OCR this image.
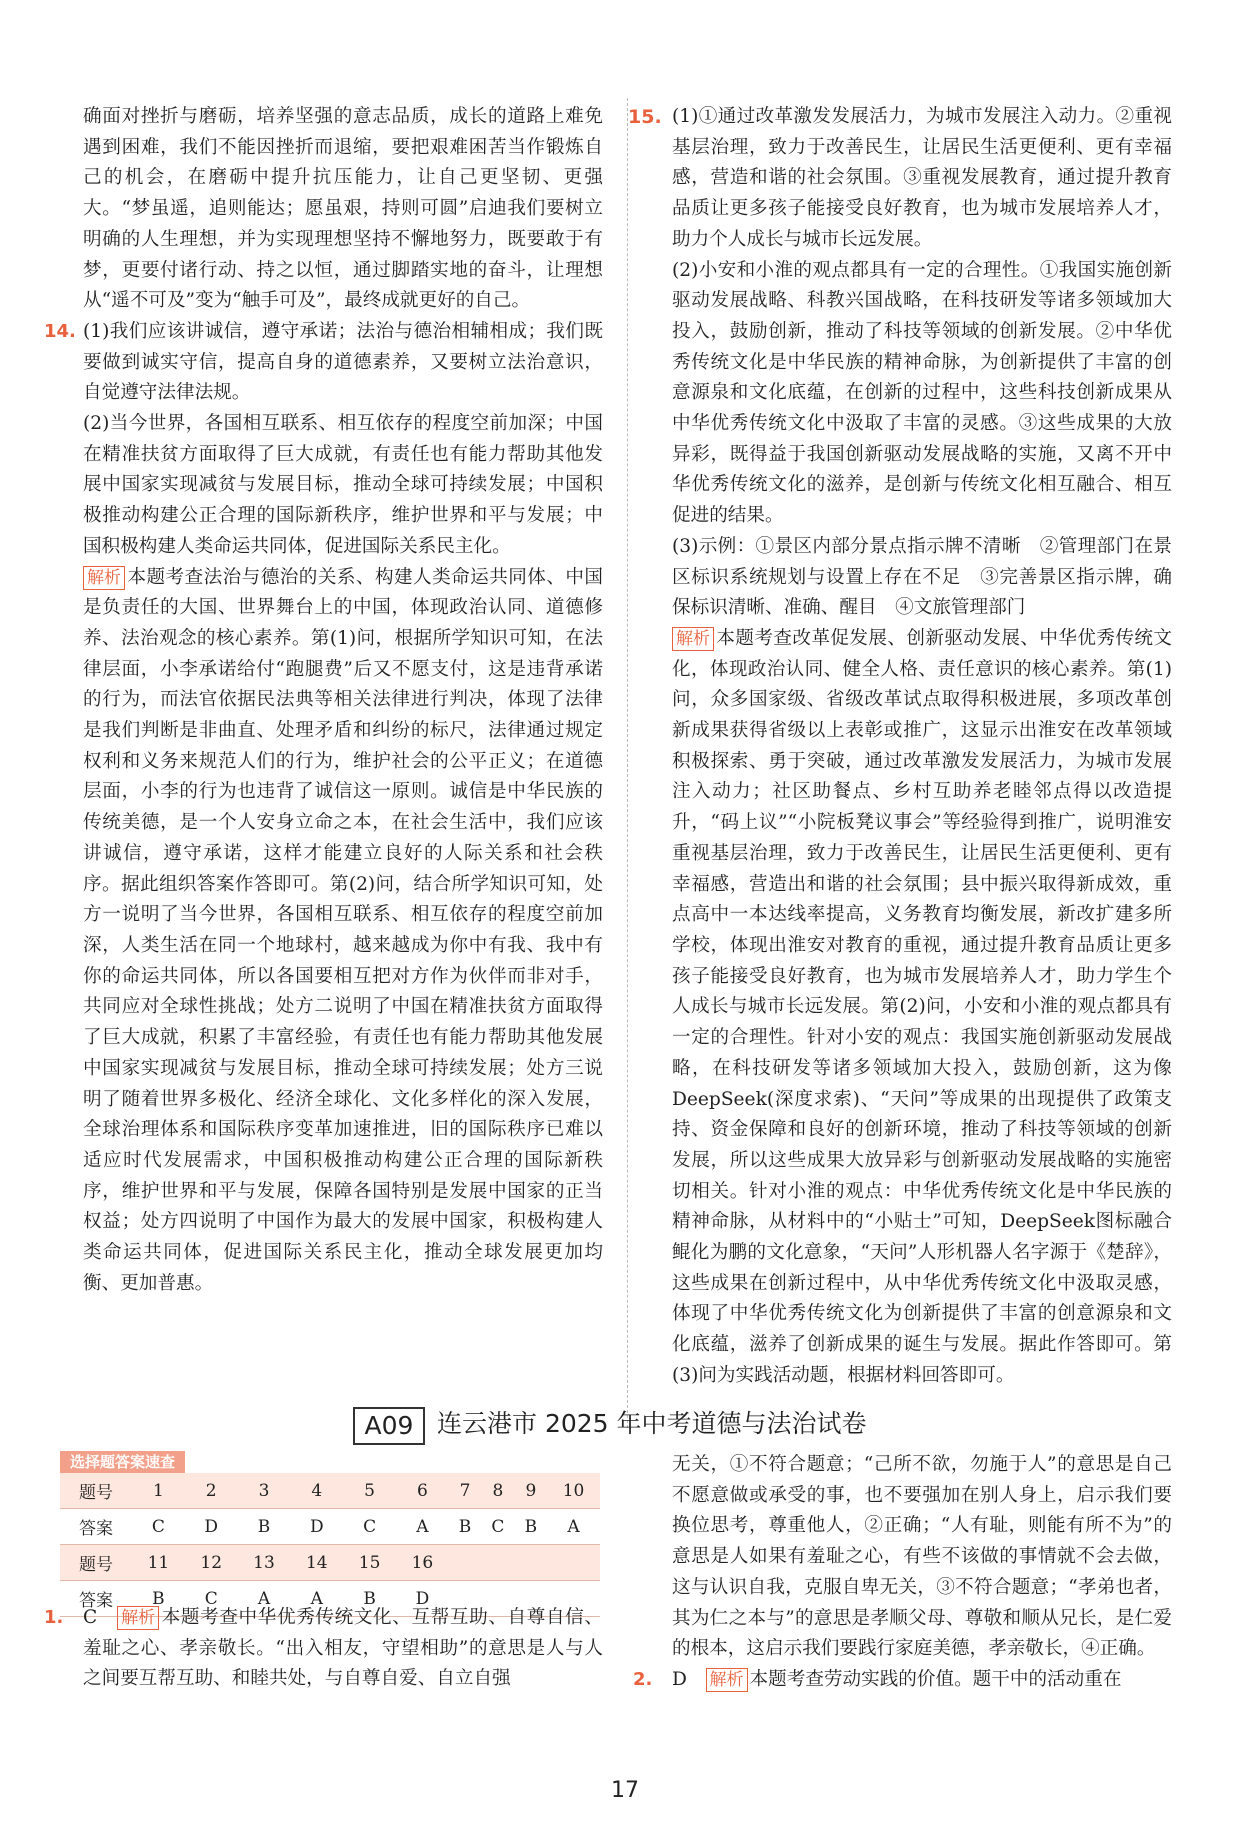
确面对挫折与磨砺，培养坚强的意志品质，成长的道路上难免遇到困难，我们不能因挫折而退缩，要把艰难困苦当作锻炼自己的机会，在磨砺中提升抗压能力，让自己更坚韧、更强大。“梦虽遥，追则能达；愿虽艰，持则可圆”启迪我们要树立明确的人生理想，并为实现理想坚持不懈地努力，既要敢于有梦，更要付诸行动、持之以恒，通过脚踏实地的奋斗，让理想从“遥不可及”变为“触手可及”，最终成就更好的自己。

14. (1)我们应该讲诚信，遵守承诺；法治与德治相辅相成；我们既要做到诚实守信，提高自身的道德素养，又要树立法治意识，自觉遵守法律法规。

(2)当今世界，各国相互联系、相互依存的程度空前加深；中国在精准扶贫方面取得了巨大成就，有责任也有能力帮助其他发展中国家实现减贫与发展目标，推动全球可持续发展；中国积极推动构建公正合理的国际新秩序，维护世界和平与发展；中国积极构建人类命运共同体，促进国际关系民主化。

解析 本题考查法治与德治的关系、构建人类命运共同体、中国是负责任的大国、世界舞台上的中国，体现政治认同、道德修养、法治观念的核心素养。第(1)问，根据所学知识可知，在法律层面，小李承诺给付“跑腿费”后又不愿支付，这是违背承诺的行为，而法官依据民法典等相关法律进行判决，体现了法律是我们判断是非曲直、处理矛盾和纠纷的标尺，法律通过规定权利和义务来规范人们的行为，维护社会的公平正义；在道德层面，小李的行为也违背了诚信这一原则。诚信是中华民族的传统美德，是一个人安身立命之本，在社会生活中，我们应该讲诚信，遵守承诺，这样才能建立良好的人际关系和社会秩序。据此组织答案作答即可。第(2)问，结合所学知识可知，处方一说明了当今世界，各国相互联系、相互依存的程度空前加深，人类生活在同一个地球村，越来越成为你中有我、我中有你的命运共同体，所以各国要相互把对方作为伙伴而非对手，共同应对全球性挑战；处方二说明了中国在精准扶贫方面取得了巨大成就，积累了丰富经验，有责任也有能力帮助其他发展中国家实现减贫与发展目标，推动全球可持续发展；处方三说明了随着世界多极化、经济全球化、文化多样化的深入发展，全球治理体系和国际秩序变革加速推进，旧的国际秩序已难以适应时代发展需求，中国积极推动构建公正合理的国际新秩序，维护世界和平与发展，保障各国特别是发展中国家的正当权益；处方四说明了中国作为最大的发展中国家，积极构建人类命运共同体，促进国际关系民主化，推动全球发展更加均衡、更加普惠。

15. (1)①通过改革激发发展活力，为城市发展注入动力。②重视基层治理，致力于改善民生，让居民生活更便利、更有幸福感，营造和谐的社会氛围。③重视发展教育，通过提升教育品质让更多孩子能接受良好教育，也为城市发展培养人才，助力个人成长与城市长远发展。

(2)小安和小淮的观点都具有一定的合理性。①我国实施创新驱动发展战略、科教兴国战略，在科技研发等诸多领域加大投入，鼓励创新，推动了科技等领域的创新发展。②中华优秀传统文化是中华民族的精神命脉，为创新提供了丰富的创意源泉和文化底蕴，在创新的过程中，这些科技创新成果从中华优秀传统文化中汲取了丰富的灵感。③这些成果的大放异彩，既得益于我国创新驱动发展战略的实施，又离不开中华优秀传统文化的滋养，是创新与传统文化相互融合、相互促进的结果。

(3)示例：①景区内部分景点指示牌不清晰　②管理部门在景区标识系统规划与设置上存在不足　③完善景区指示牌，确保标识清晰、准确、醒目　④文旅管理部门

解析 本题考查改革促发展、创新驱动发展、中华优秀传统文化，体现政治认同、健全人格、责任意识的核心素养。第(1)问，众多国家级、省级改革试点取得积极进展，多项改革创新成果获得省级以上表彰或推广，这显示出淮安在改革领域积极探索、勇于突破，通过改革激发发展活力，为城市发展注入动力；社区助餐点、乡村互助养老睦邻点得以改造提升，“码上议”“小院板凳议事会”等经验得到推广，说明淮安重视基层治理，致力于改善民生，让居民生活更便利、更有幸福感，营造出和谐的社会氛围；县中振兴取得新成效，重点高中一本达线率提高，义务教育均衡发展，新改扩建多所学校，体现出淮安对教育的重视，通过提升教育品质让更多孩子能接受良好教育，也为城市发展培养人才，助力学生个人成长与城市长远发展。第(2)问，小安和小淮的观点都具有一定的合理性。针对小安的观点：我国实施创新驱动发展战略，在科技研发等诸多领域加大投入，鼓励创新，这为像DeepSeek(深度求索)、“天问”等成果的出现提供了政策支持、资金保障和良好的创新环境，推动了科技等领域的创新发展，所以这些成果大放异彩与创新驱动发展战略的实施密切相关。针对小淮的观点：中华优秀传统文化是中华民族的精神命脉，从材料中的“小贴士”可知，DeepSeek图标融合鲲化为鹏的文化意象，“天问”人形机器人名字源于《楚辞》，这些成果在创新过程中，从中华优秀传统文化中汲取灵感，体现了中华优秀传统文化为创新提供了丰富的创意源泉和文化底蕴，滋养了创新成果的诞生与发展。据此作答即可。第(3)问为实践活动题，根据材料回答即可。

A09 连云港市 2025 年中考道德与法治试卷
选择题答案速查
题号	1	2	3	4	5	6	7	8	9	10
答案	C	D	B	D	C	A	B	C	B	A
题号	11	12	13	14	15	16				
答案	B	C	A	A	B	D				
1. C　 解析 本题考查中华优秀传统文化、互帮互助、自尊自信、羞耻之心、孝亲敬长。“出入相友，守望相助”的意思是人与人之间要互帮互助、和睦共处，与自尊自爱、自立自强

无关，①不符合题意；“己所不欲，勿施于人”的意思是自己不愿意做或承受的事，也不要强加在别人身上，启示我们要换位思考，尊重他人，②正确；“人有耻，则能有所不为”的意思是人如果有羞耻之心，有些不该做的事情就不会去做，这与认识自我，克服自卑无关，③不符合题意；“孝弟也者，其为仁之本与”的意思是孝顺父母、尊敬和顺从兄长，是仁爱的根本，这启示我们要践行家庭美德，孝亲敬长，④正确。

2. D　 解析 本题考查劳动实践的价值。题干中的活动重在

17
